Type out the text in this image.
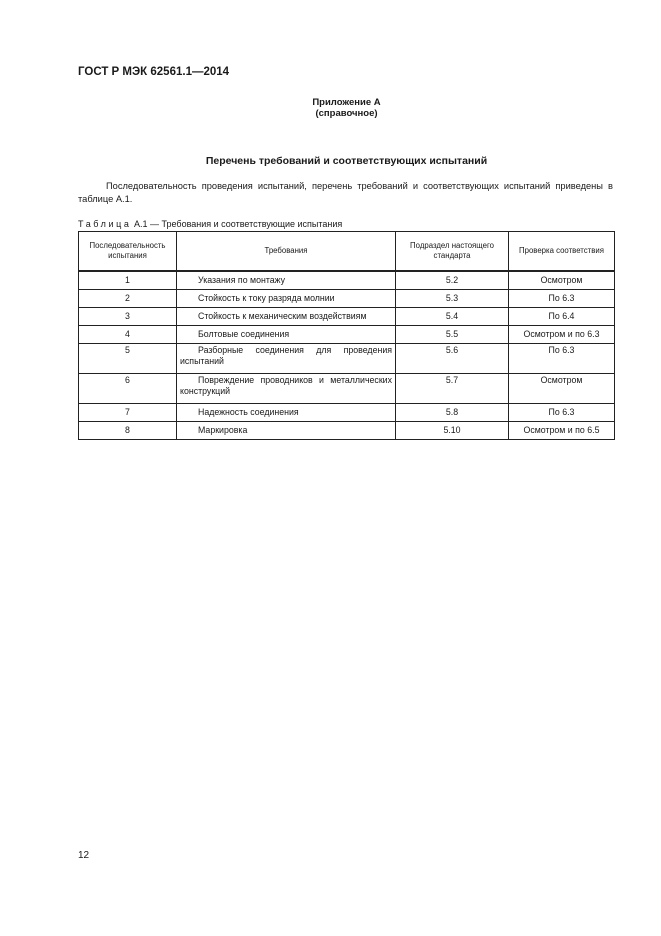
ГОСТ Р МЭК 62561.1—2014
Приложение А
(справочное)
Перечень требований и соответствующих испытаний

Последовательность проведения испытаний, перечень требований и соответствующих испытаний приведены в таблице А.1.

Таблица А.1 — Требования и соответствующие испытания
Последовательность испытания	Требования	Подраздел настоящего стандарта	Проверка соответствия
1	Указания по монтажу	5.2	Осмотром
2	Стойкость к току разряда молнии	5.3	По 6.3
3	Стойкость к механическим воздействиям	5.4	По 6.4
4	Болтовые соединения	5.5	Осмотром и по 6.3
5	Разборные соединения для проведения испытаний	5.6	По 6.3
6	Повреждение проводников и металлических конструкций	5.7	Осмотром
7	Надежность соединения	5.8	По 6.3
8	Маркировка	5.10	Осмотром и по 6.5
12
